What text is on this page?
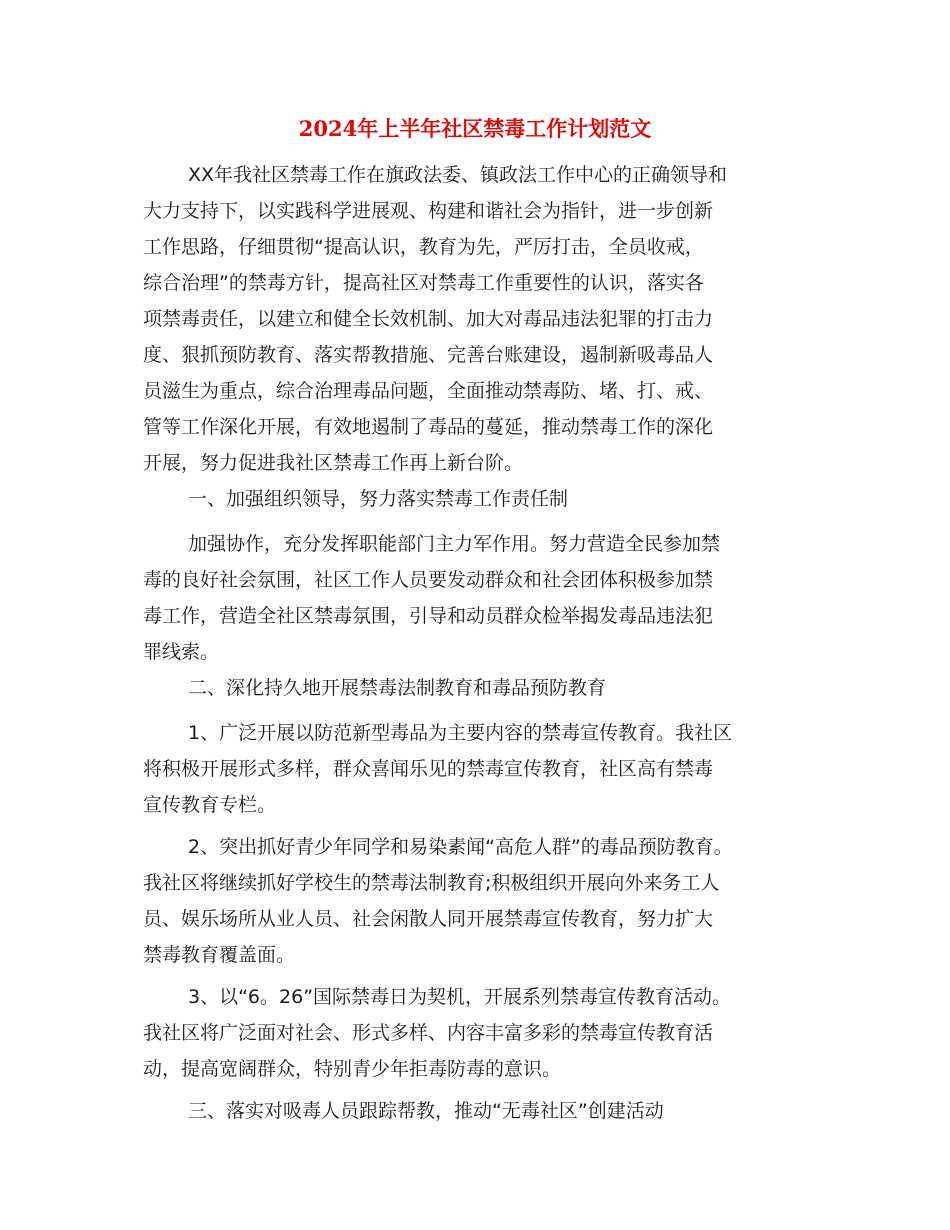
2024年上半年社区禁毒工作计划范文

XX年我社区禁毒工作在旗政法委、镇政法工作中心的正确领导和

大力支持下，以实践科学进展观、构建和谐社会为指针，进一步创新

工作思路，仔细贯彻“提高认识，教育为先，严厉打击，全员收戒，

综合治理”的禁毒方针，提高社区对禁毒工作重要性的认识，落实各

项禁毒责任，以建立和健全长效机制、加大对毒品违法犯罪的打击力

度、狠抓预防教育、落实帮教措施、完善台账建设，遏制新吸毒品人

员滋生为重点，综合治理毒品问题，全面推动禁毒防、堵、打、戒、

管等工作深化开展，有效地遏制了毒品的蔓延，推动禁毒工作的深化

开展，努力促进我社区禁毒工作再上新台阶。

一、加强组织领导，努力落实禁毒工作责任制

加强协作，充分发挥职能部门主力军作用。努力营造全民参加禁

毒的良好社会氛围，社区工作人员要发动群众和社会团体积极参加禁

毒工作，营造全社区禁毒氛围，引导和动员群众检举揭发毒品违法犯

罪线索。

二、深化持久地开展禁毒法制教育和毒品预防教育

1、广泛开展以防范新型毒品为主要内容的禁毒宣传教育。我社区

将积极开展形式多样，群众喜闻乐见的禁毒宣传教育，社区高有禁毒

宣传教育专栏。

2、突出抓好青少年同学和易染素闻“高危人群”的毒品预防教育。

我社区将继续抓好学校生的禁毒法制教育;积极组织开展向外来务工人

员、娱乐场所从业人员、社会闲散人同开展禁毒宣传教育，努力扩大

禁毒教育覆盖面。

3、以“6。26”国际禁毒日为契机，开展系列禁毒宣传教育活动。

我社区将广泛面对社会、形式多样、内容丰富多彩的禁毒宣传教育活

动，提高宽阔群众，特别青少年拒毒防毒的意识。

三、落实对吸毒人员跟踪帮教，推动“无毒社区”创建活动
